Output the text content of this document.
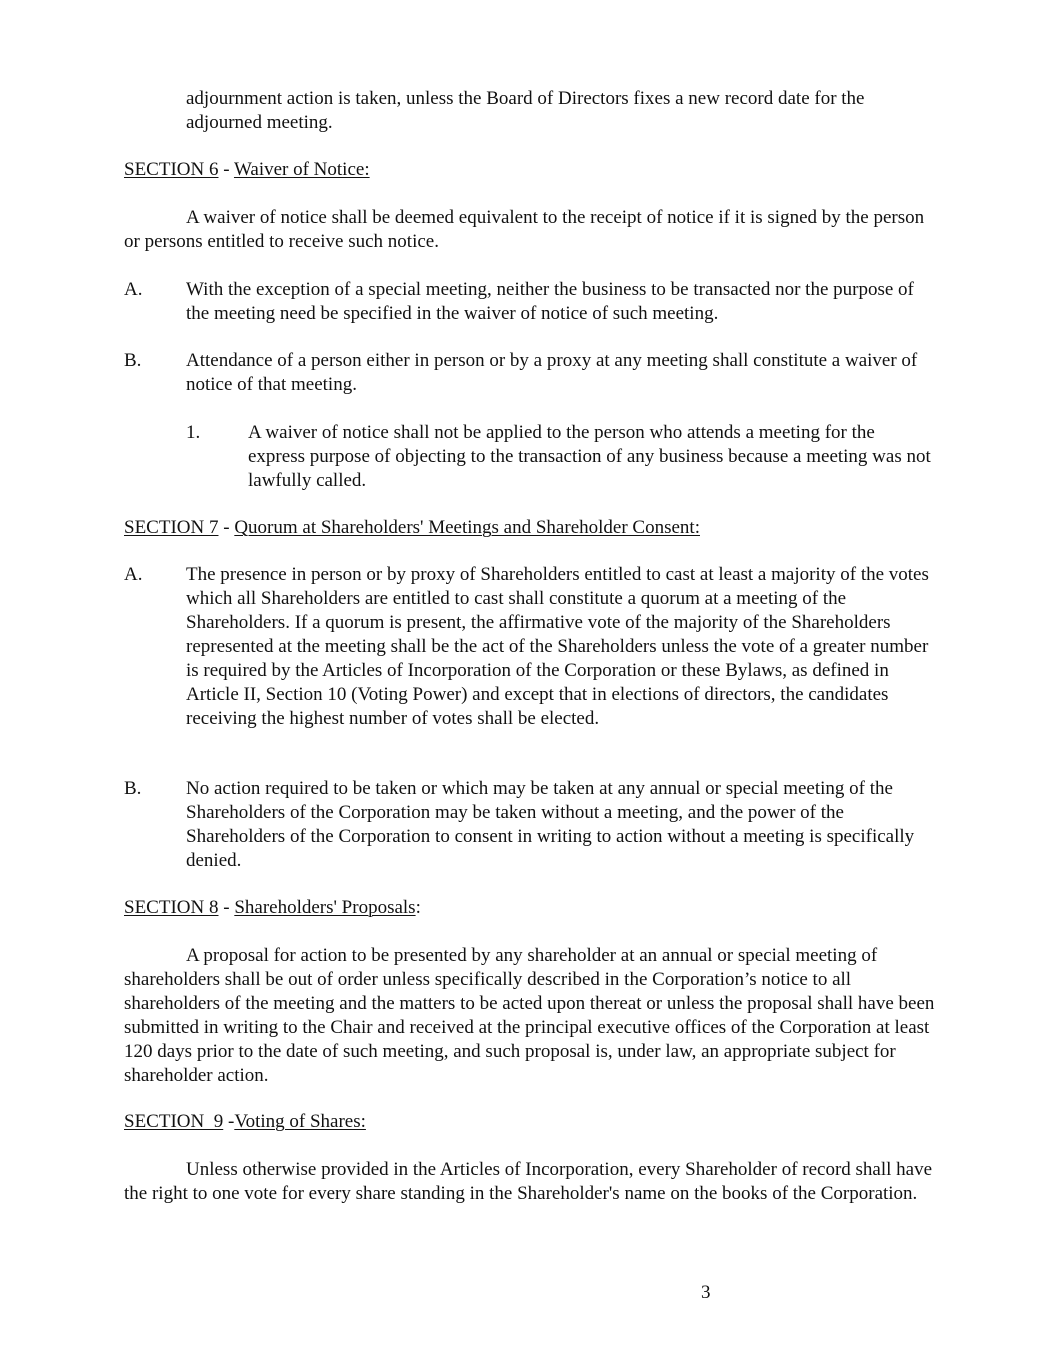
adjournment action is taken, unless the Board of Directors fixes a new record date for the adjourned meeting.

SECTION 6 - Waiver of Notice:

A waiver of notice shall be deemed equivalent to the receipt of notice if it is signed by the person or persons entitled to receive such notice.

A. With the exception of a special meeting, neither the business to be transacted nor the purpose of the meeting need be specified in the waiver of notice of such meeting.

B. Attendance of a person either in person or by a proxy at any meeting shall constitute a waiver of notice of that meeting.

1.	A waiver of notice shall not be applied to the person who attends a meeting for the express purpose of objecting to the transaction of any business because a meeting was not lawfully called.

SECTION 7 - Quorum at Shareholders' Meetings and Shareholder Consent:

A. The presence in person or by proxy of Shareholders entitled to cast at least a majority of the votes which all Shareholders are entitled to cast shall constitute a quorum at a meeting of the Shareholders. If a quorum is present, the affirmative vote of the majority of the Shareholders represented at the meeting shall be the act of the Shareholders unless the vote of a greater number is required by the Articles of Incorporation of the Corporation or these Bylaws, as defined in Article II, Section 10 (Voting Power) and except that in elections of directors, the candidates receiving the highest number of votes shall be elected.

B. No action required to be taken or which may be taken at any annual or special meeting of the Shareholders of the Corporation may be taken without a meeting, and the power of the Shareholders of the Corporation to consent in writing to action without a meeting is specifically denied.

SECTION 8 - Shareholders' Proposals:

A proposal for action to be presented by any shareholder at an annual or special meeting of shareholders shall be out of order unless specifically described in the Corporation’s notice to all shareholders of the meeting and the matters to be acted upon thereat or unless the proposal shall have been submitted in writing to the Chair and received at the principal executive offices of the Corporation at least 120 days prior to the date of such meeting, and such proposal is, under law, an appropriate subject for shareholder action.

SECTION  9 -Voting of Shares:

Unless otherwise provided in the Articles of Incorporation, every Shareholder of record shall have the right to one vote for every share standing in the Shareholder's name on the books of the Corporation.

3
